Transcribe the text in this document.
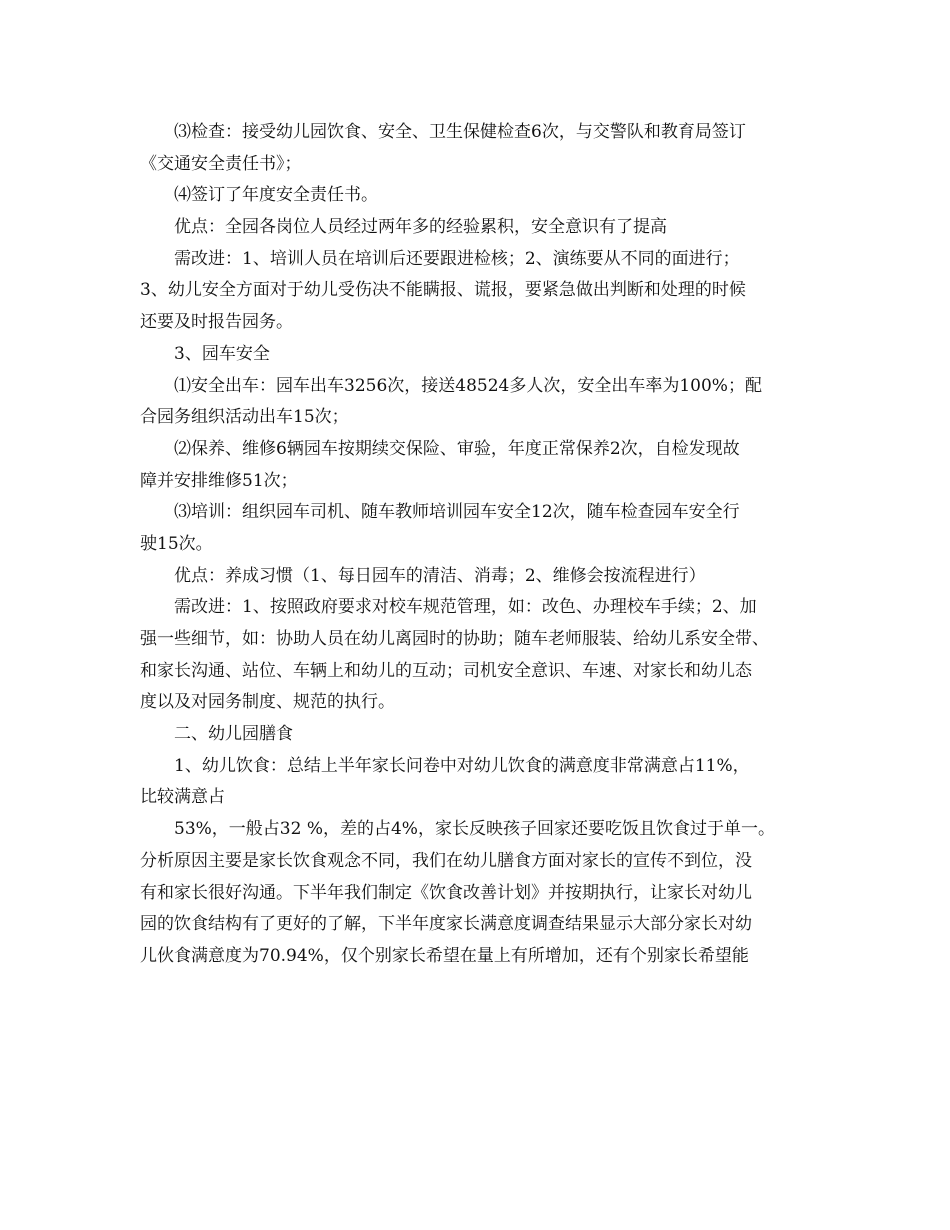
⑶检查：接受幼儿园饮食、安全、卫生保健检查6次，与交警队和教育局签订
《交通安全责任书》；
⑷签订了年度安全责任书。
优点：全园各岗位人员经过两年多的经验累积，安全意识有了提高
需改进：1、培训人员在培训后还要跟进检核；2、演练要从不同的面进行；
3、幼儿安全方面对于幼儿受伤决不能瞒报、谎报，要紧急做出判断和处理的时候
还要及时报告园务。
3、园车安全
⑴安全出车：园车出车3256次，接送48524多人次，安全出车率为100%；配
合园务组织活动出车15次；
⑵保养、维修6辆园车按期续交保险、审验，年度正常保养2次，自检发现故
障并安排维修51次；
⑶培训：组织园车司机、随车教师培训园车安全12次，随车检查园车安全行
驶15次。
优点：养成习惯（1、每日园车的清洁、消毒；2、维修会按流程进行）
需改进：1、按照政府要求对校车规范管理，如：改色、办理校车手续；2、加
强一些细节，如：协助人员在幼儿离园时的协助；随车老师服装、给幼儿系安全带、
和家长沟通、站位、车辆上和幼儿的互动；司机安全意识、车速、对家长和幼儿态
度以及对园务制度、规范的执行。
二、幼儿园膳食
1、幼儿饮食：总结上半年家长问卷中对幼儿饮食的满意度非常满意占11%，
比较满意占
53%，一般占32 %，差的占4%，家长反映孩子回家还要吃饭且饮食过于单一。
分析原因主要是家长饮食观念不同，我们在幼儿膳食方面对家长的宣传不到位，没
有和家长很好沟通。下半年我们制定《饮食改善计划》并按期执行，让家长对幼儿
园的饮食结构有了更好的了解，下半年度家长满意度调查结果显示大部分家长对幼
儿伙食满意度为70.94%，仅个别家长希望在量上有所增加，还有个别家长希望能
